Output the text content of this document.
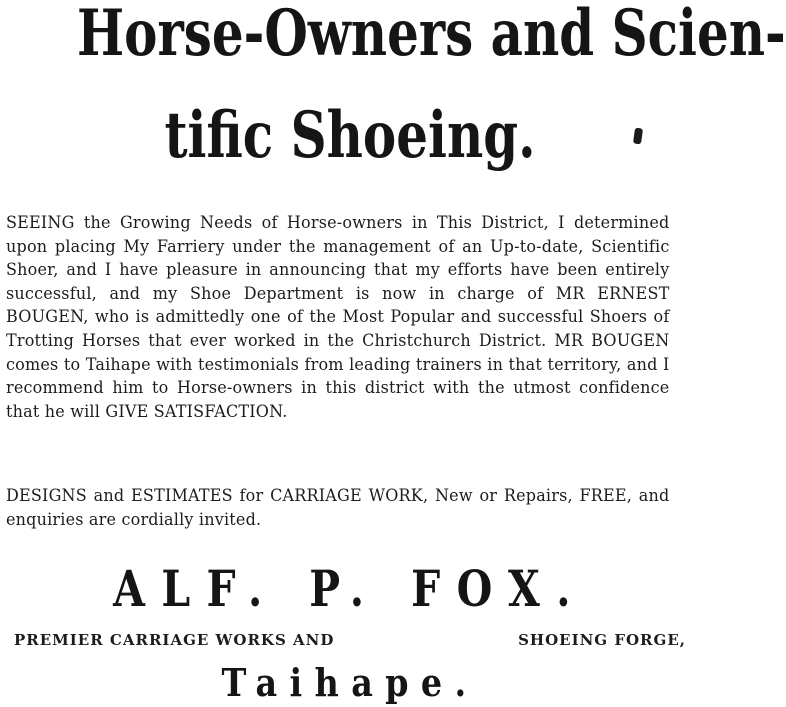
Horse-Owners and Scien-
tific Shoeing.
SEEING the Growing Needs of Horse-owners in This District, I determined upon placing My Farriery under the management of an Up-to-date, Scientific Shoer, and I have pleasure in announcing that my efforts have been entirely successful, and my Shoe Department is now in charge of MR ERNEST BOUGEN, who is admittedly one of the Most Popular and successful Shoers of Trotting Horses that ever worked in the Christchurch District. MR BOUGEN comes to Taihape with testimonials from leading trainers in that territory, and I recommend him to Horse-owners in this district with the utmost confidence that he will GIVE SATISFACTION.
DESIGNS and ESTIMATES for CARRIAGE WORK, New or Repairs, FREE, and enquiries are cordially invited.
ALF. P. FOX.
PREMIER CARRIAGE WORKS AND	SHOEING FORGE,
Taihape.
